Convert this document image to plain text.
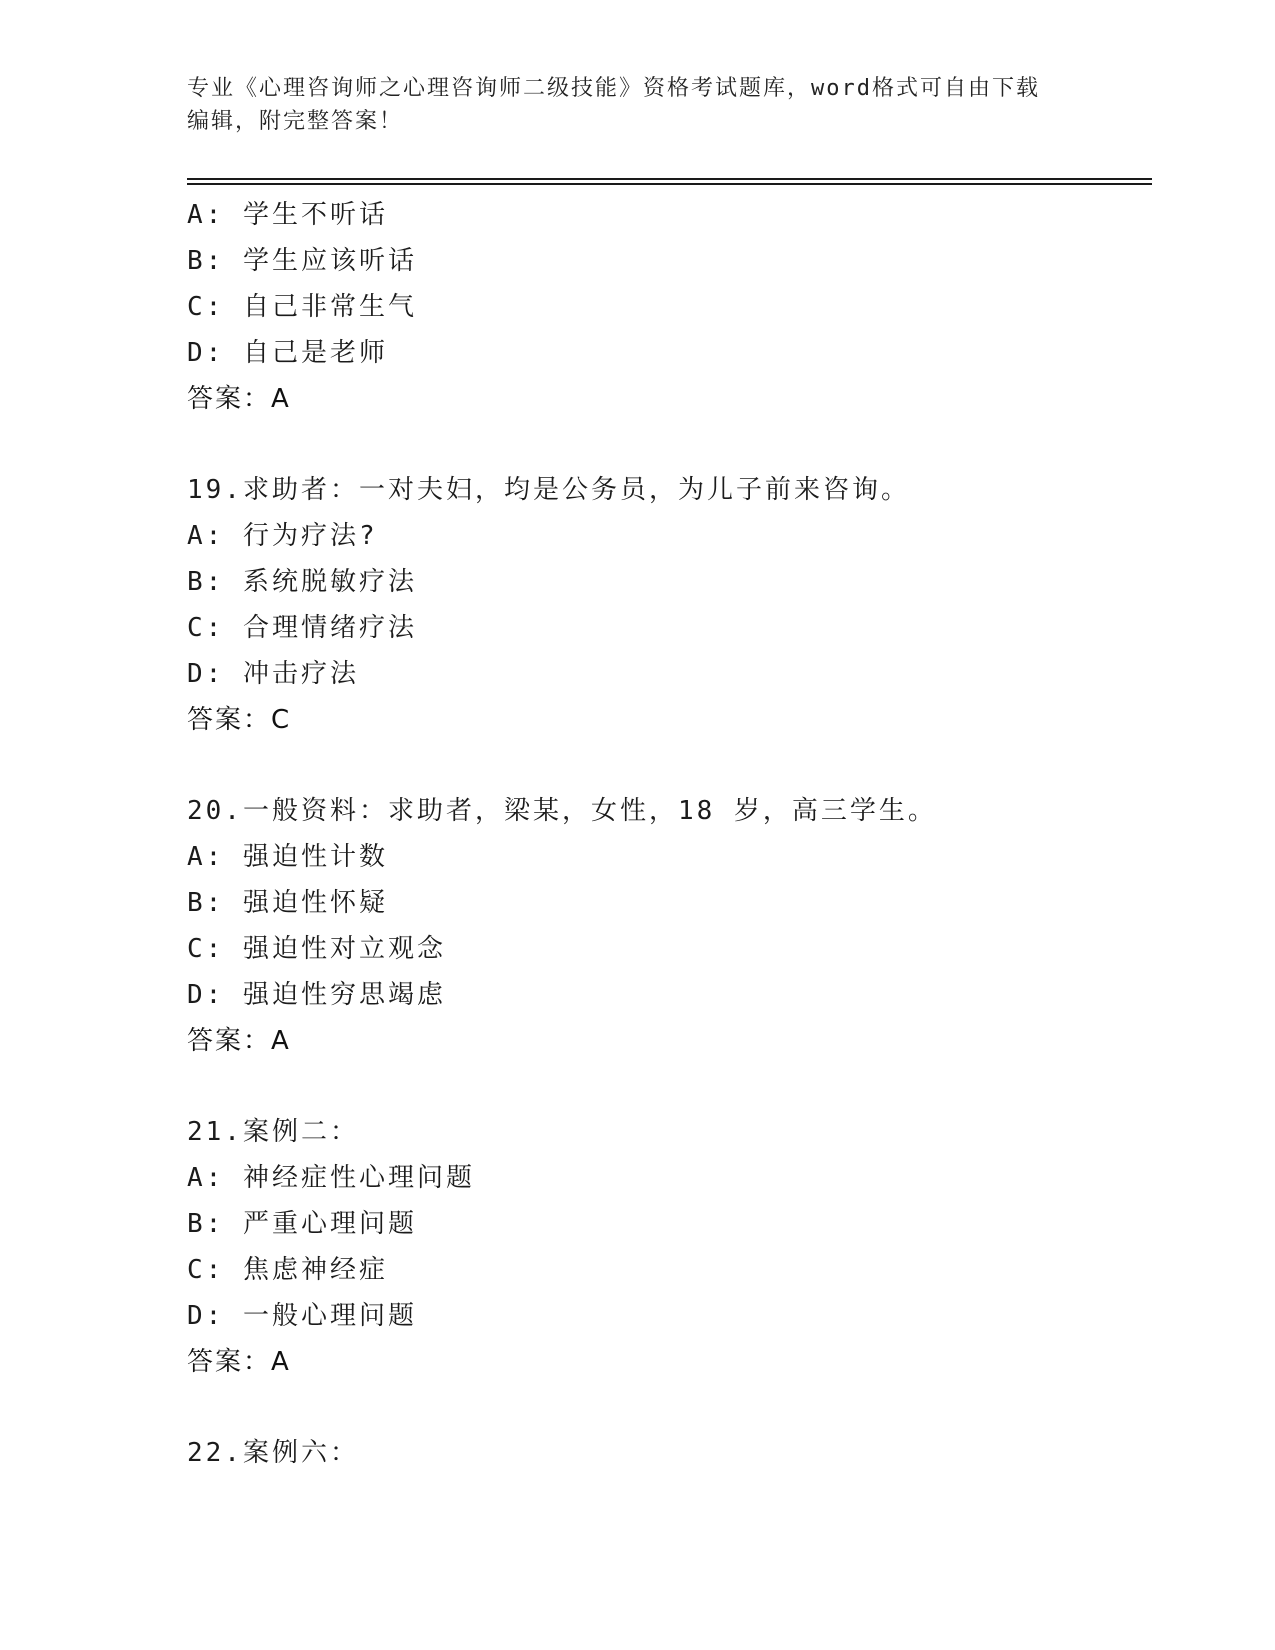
专业《心理咨询师之心理咨询师二级技能》资格考试题库，word格式可自由下载
编辑，附完整答案！
A: 学生不听话
B: 学生应该听话
C: 自己非常生气
D: 自己是老师
答案：A
19.求助者：一对夫妇，均是公务员，为儿子前来咨询。
A: 行为疗法?
B: 系统脱敏疗法
C: 合理情绪疗法
D: 冲击疗法
答案：C
20.一般资料：求助者，梁某，女性，18 岁，高三学生。
A: 强迫性计数
B: 强迫性怀疑
C: 强迫性对立观念
D: 强迫性穷思竭虑
答案：A
21.案例二：
A: 神经症性心理问题
B: 严重心理问题
C: 焦虑神经症
D: 一般心理问题
答案：A
22.案例六：
